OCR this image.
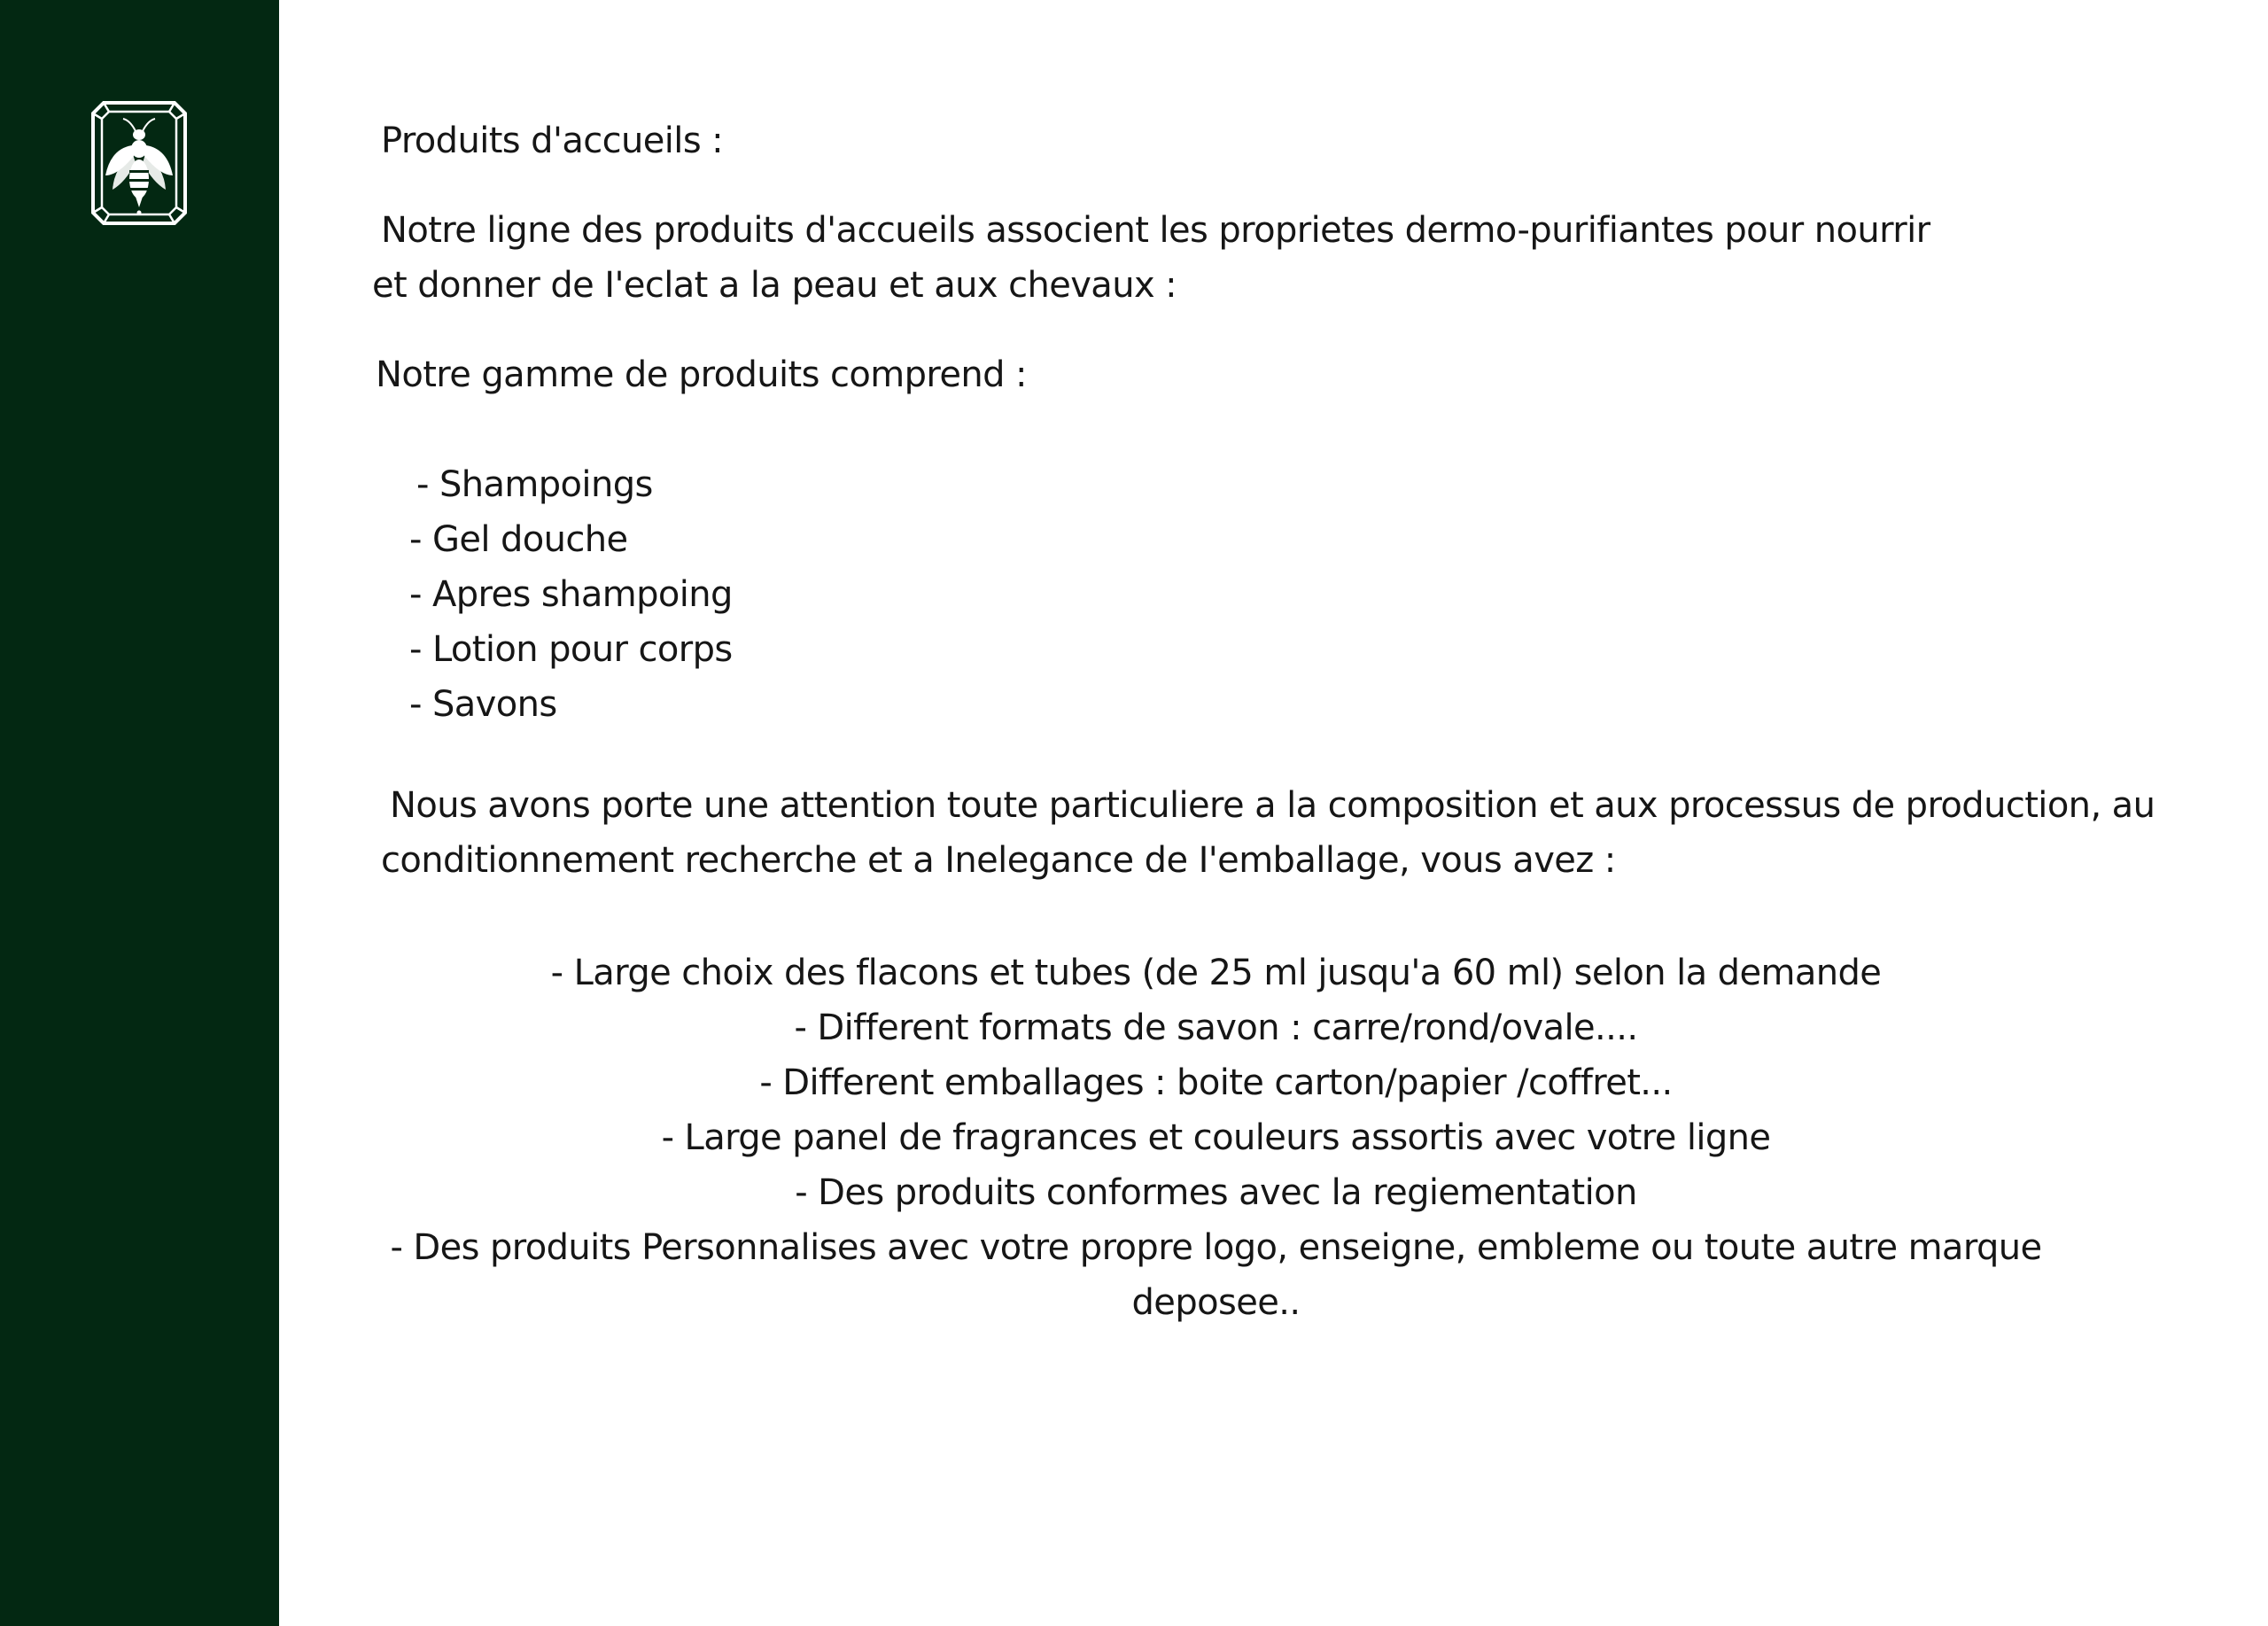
Produits d'accueils :
Notre ligne des produits d'accueils associent les proprietes dermo-purifiantes pour nourrir
et donner de I'eclat a la peau et aux chevaux :
Notre gamme de produits comprend :
- Shampoings
- Gel douche
- Apres shampoing
- Lotion pour corps
- Savons
Nous avons porte une attention toute particuliere a la composition et aux processus de production, au
conditionnement recherche et a Inelegance de I'emballage, vous avez :
- Large choix des flacons et tubes (de 25 ml jusqu'a 60 ml) selon la demande
- Different formats de savon : carre/rond/ovale....
- Different emballages : boite carton/papier /coffret...
- Large panel de fragrances et couleurs assortis avec votre ligne
- Des produits conformes avec la regiementation
- Des produits Personnalises avec votre propre logo, enseigne, embleme ou toute autre marque
deposee..
